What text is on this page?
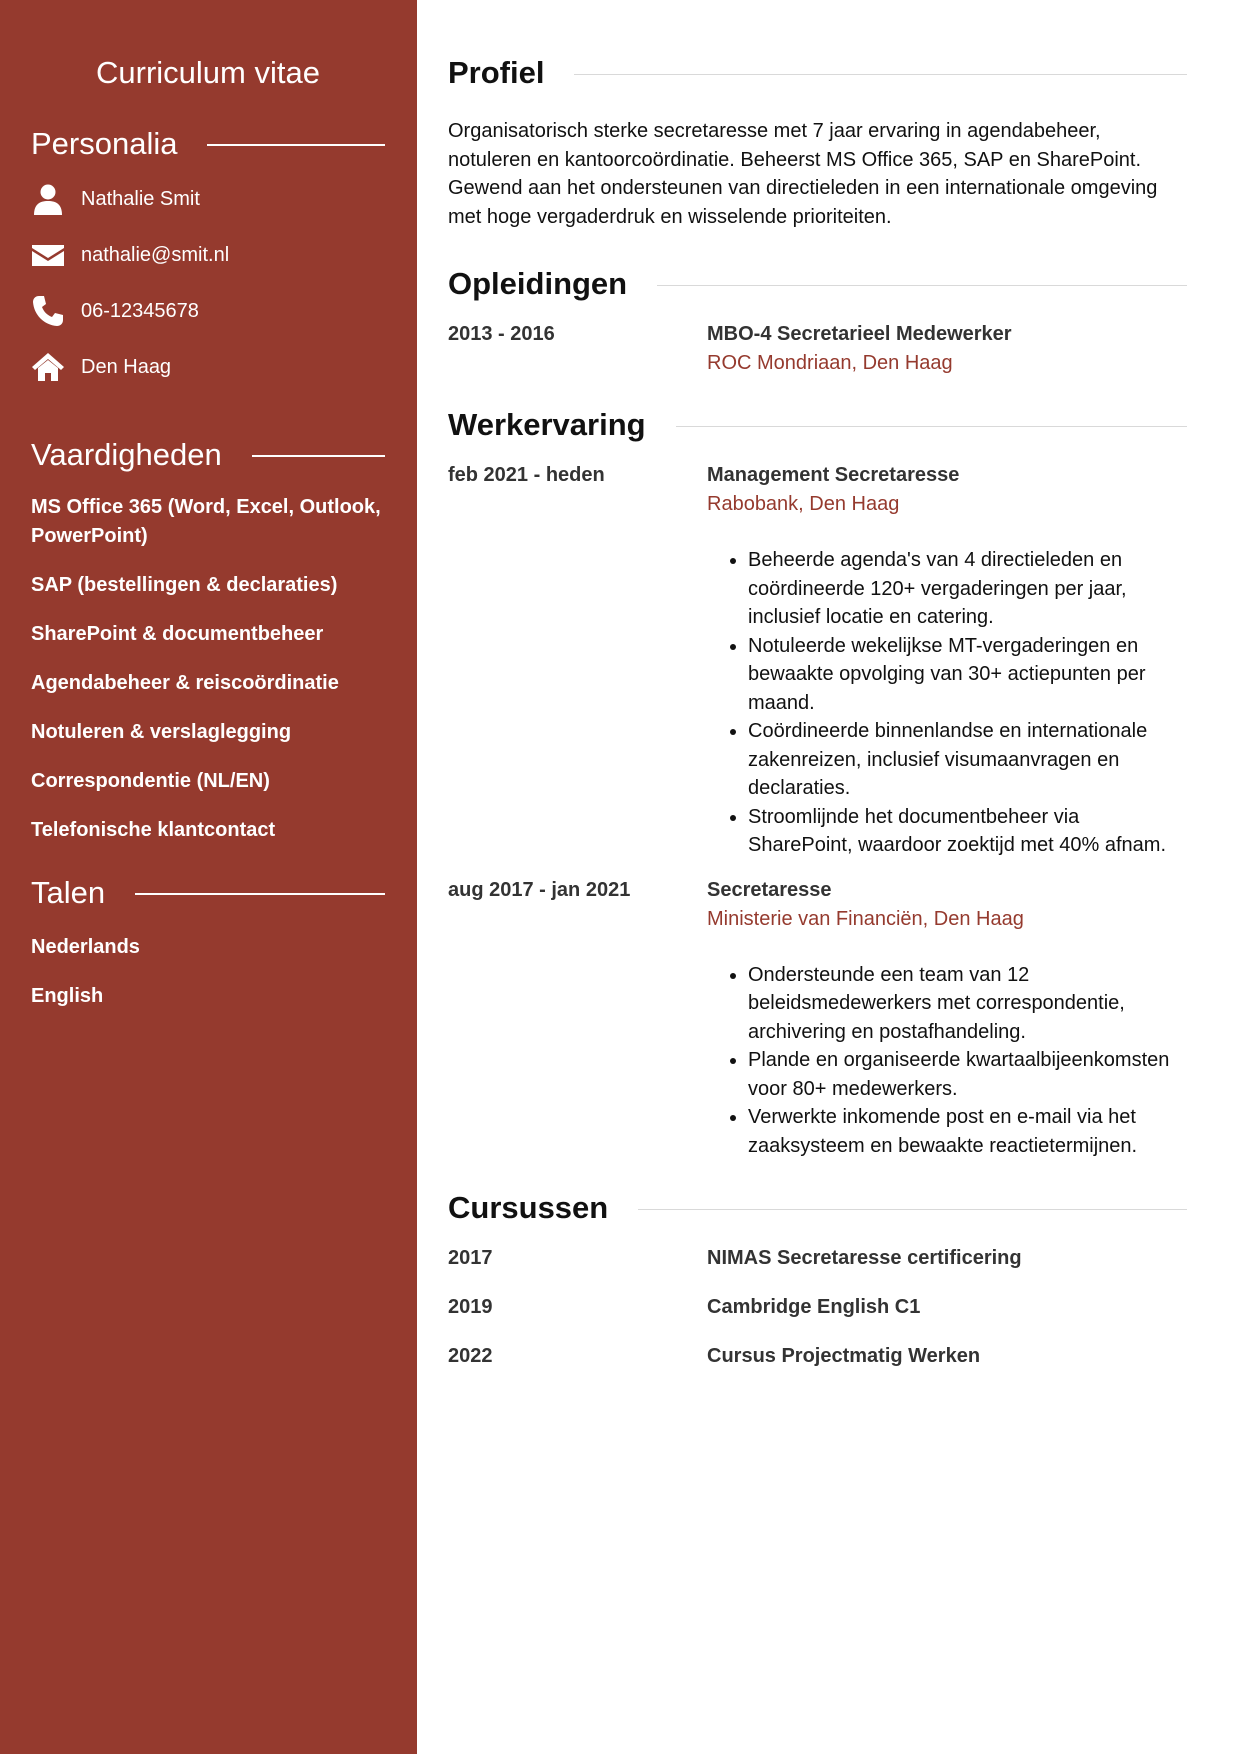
Curriculum vitae
Personalia
Nathalie Smit
nathalie@smit.nl
06-12345678
Den Haag
Vaardigheden

MS Office 365 (Word, Excel, Outlook, PowerPoint)

SAP (bestellingen & declaraties)

SharePoint & documentbeheer

Agendabeheer & reiscoördinatie

Notuleren & verslaglegging

Correspondentie (NL/EN)

Telefonische klantcontact

Talen

Nederlands

English

Profiel

Organisatorisch sterke secretaresse met 7 jaar ervaring in agendabeheer, notuleren en kantoorcoördinatie. Beheerst MS Office 365, SAP en SharePoint. Gewend aan het ondersteunen van directieleden in een internationale omgeving met hoge vergaderdruk en wisselende prioriteiten.

Opleidingen
2013 - 2016	MBO-4 Secretarieel Medewerker
ROC Mondriaan, Den Haag
Werkervaring
feb 2021 - heden	Management Secretaresse
Rabobank, Den Haag
• Beheerde agenda's van 4 directieleden en coördineerde 120+ vergaderingen per jaar, inclusief locatie en catering.
• Notuleerde wekelijkse MT-vergaderingen en bewaakte opvolging van 30+ actiepunten per maand.
• Coördineerde binnenlandse en internationale zakenreizen, inclusief visumaanvragen en declaraties.
• Stroomlijnde het documentbeheer via SharePoint, waardoor zoektijd met 40% afnam.
aug 2017 - jan 2021	Secretaresse
Ministerie van Financiën, Den Haag
• Ondersteunde een team van 12 beleidsmedewerkers met correspondentie, archivering en postafhandeling.
• Plande en organiseerde kwartaalbijeenkomsten voor 80+ medewerkers.
• Verwerkte inkomende post en e-mail via het zaaksysteem en bewaakte reactietermijnen.
Cursussen
2017	NIMAS Secretaresse certificering
2019	Cambridge English C1
2022	Cursus Projectmatig Werken
